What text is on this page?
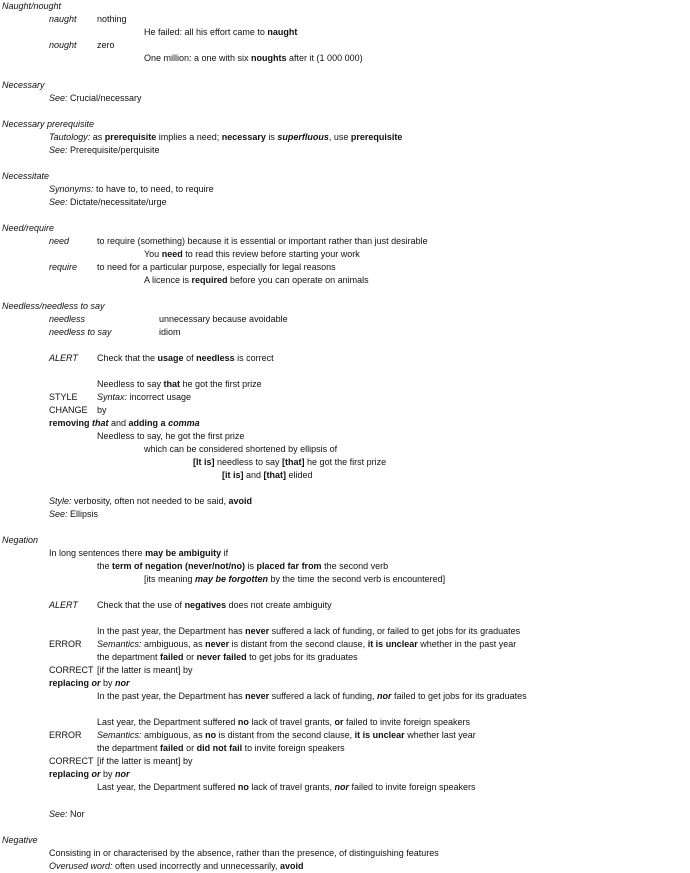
Naught/nought
naught nothing
He failed: all his effort came to naught
nought zero
One million: a one with six noughts after it (1 000 000)
Necessary
See: Crucial/necessary
Necessary prerequisite
Tautology: as prerequisite implies a need; necessary is superfluous, use prerequisite
See: Prerequisite/perquisite
Necessitate
Synonyms: to have to, to need, to require
See: Dictate/necessitate/urge
Need/require
need	to require (something) because it is essential or important rather than just desirable
You need to read this review before starting your work
require to need for a particular purpose, especially for legal reasons
A licence is required before you can operate on animals
Needless/needless to say
needless	unnecessary because avoidable
needless to say	idiom
ALERT Check that the usage of needless is correct
Needless to say that he got the first prize
STYLE Syntax: incorrect usage
CHANGE by
removing that and adding a comma
Needless to say, he got the first prize
which can be considered shortened by ellipsis of
[It is] needless to say [that] he got the first prize
[it is] and [that] elided
Style: verbosity, often not needed to be said, avoid
See: Ellipsis
Negation
In long sentences there may be ambiguity if
the term of negation (never/not/no) is placed far from the second verb
[its meaning may be forgotten by the time the second verb is encountered]
ALERT Check that the use of negatives does not create ambiguity
In the past year, the Department has never suffered a lack of funding, or failed to get jobs for its graduates
ERROR Semantics: ambiguous, as never is distant from the second clause, it is unclear whether in the past year
the department failed or never failed to get jobs for its graduates
CORRECT [if the latter is meant] by
replacing or by nor
In the past year, the Department has never suffered a lack of funding, nor failed to get jobs for its graduates
Last year, the Department suffered no lack of travel grants, or failed to invite foreign speakers
ERROR Semantics: ambiguous, as no is distant from the second clause, it is unclear whether last year
the department failed or did not fail to invite foreign speakers
CORRECT [if the latter is meant] by
replacing or by nor
Last year, the Department suffered no lack of travel grants, nor failed to invite foreign speakers
See: Nor
Negative
Consisting in or characterised by the absence, rather than the presence, of distinguishing features
Overused word: often used incorrectly and unnecessarily, avoid
